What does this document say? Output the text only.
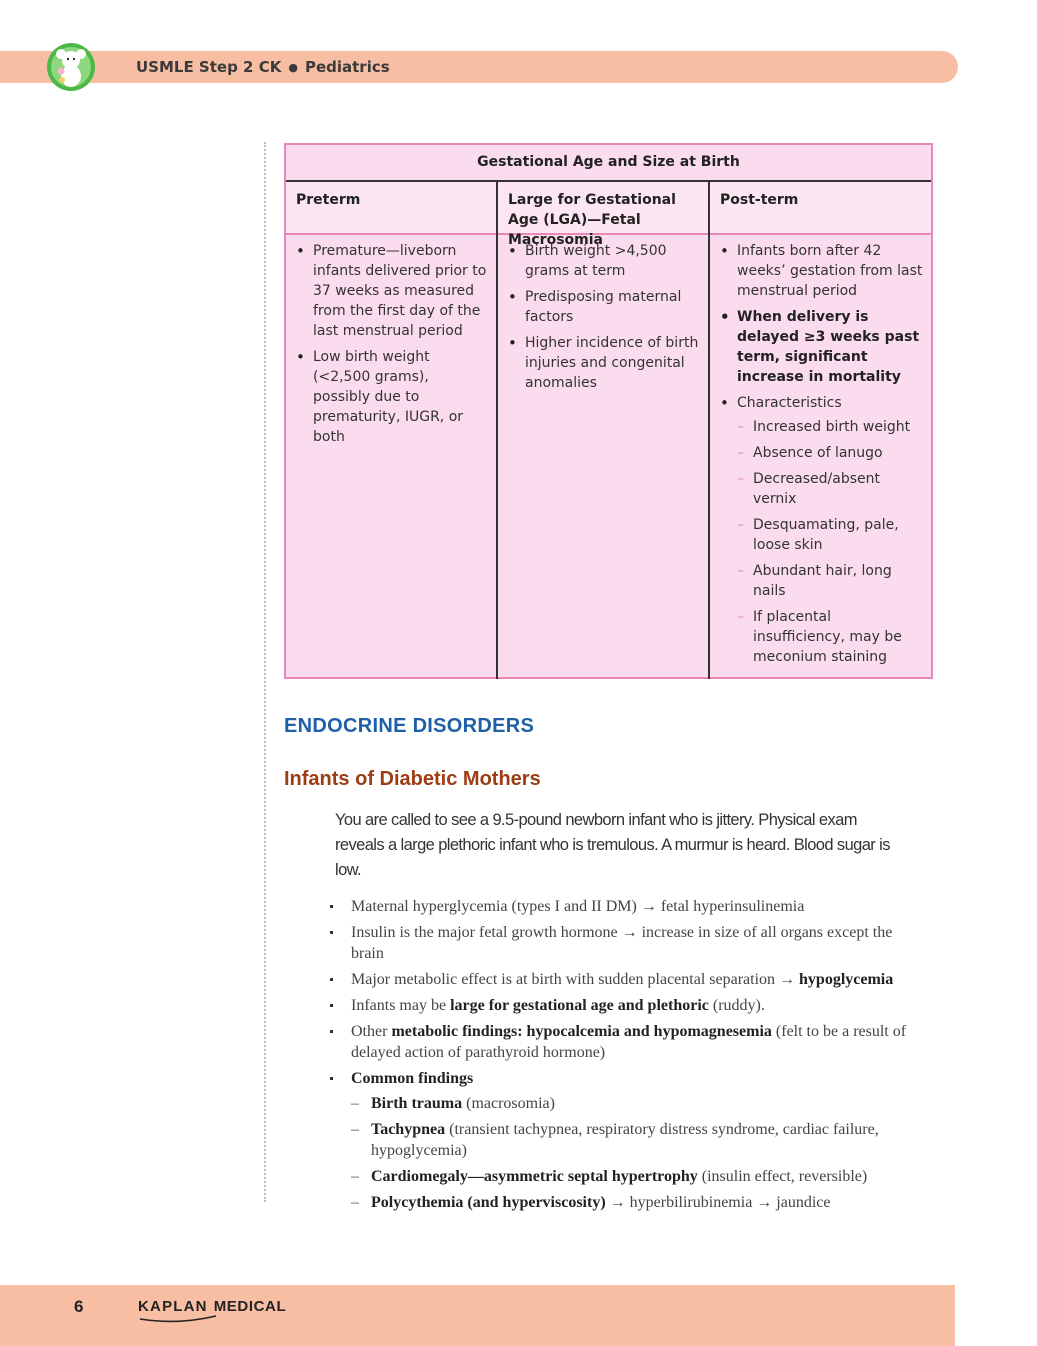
USMLE Step 2 CK ● Pediatrics
Gestational Age and Size at Birth
Preterm
• Premature—liveborn infants delivered prior to 37 weeks as measured from the first day of the last menstrual period
• Low birth weight (<2,500 grams), possibly due to prematurity, IUGR, or both
Large for Gestational Age (LGA)—Fetal Macrosomia
• Birth weight >4,500 grams at term
• Predisposing maternal factors
• Higher incidence of birth injuries and congenital anomalies
Post-term
• Infants born after 42 weeks’ gestation from last menstrual period
• When delivery is delayed ≥3 weeks past term, significant increase in mortality
• Characteristics
– Increased birth weight
– Absence of lanugo
– Decreased/absent vernix
– Desquamating, pale, loose skin
– Abundant hair, long nails
– If placental insufficiency, may be meconium staining
ENDOCRINE DISORDERS
Infants of Diabetic Mothers
You are called to see a 9.5-pound newborn infant who is jittery. Physical exam reveals a large plethoric infant who is tremulous. A murmur is heard. Blood sugar is low.
Maternal hyperglycemia (types I and II DM) → fetal hyperinsulinemia
Insulin is the major fetal growth hormone → increase in size of all organs except the brain
Major metabolic effect is at birth with sudden placental separation → hypoglycemia
Infants may be large for gestational age and plethoric (ruddy).
Other metabolic findings: hypocalcemia and hypomagnesemia (felt to be a result of delayed action of parathyroid hormone)
Common findings
– Birth trauma (macrosomia)
– Tachypnea (transient tachypnea, respiratory distress syndrome, cardiac failure, hypoglycemia)
– Cardiomegaly—asymmetric septal hypertrophy (insulin effect, reversible)
– Polycythemia (and hyperviscosity) → hyperbilirubinemia → jaundice
6	KAPLAN MEDICAL
